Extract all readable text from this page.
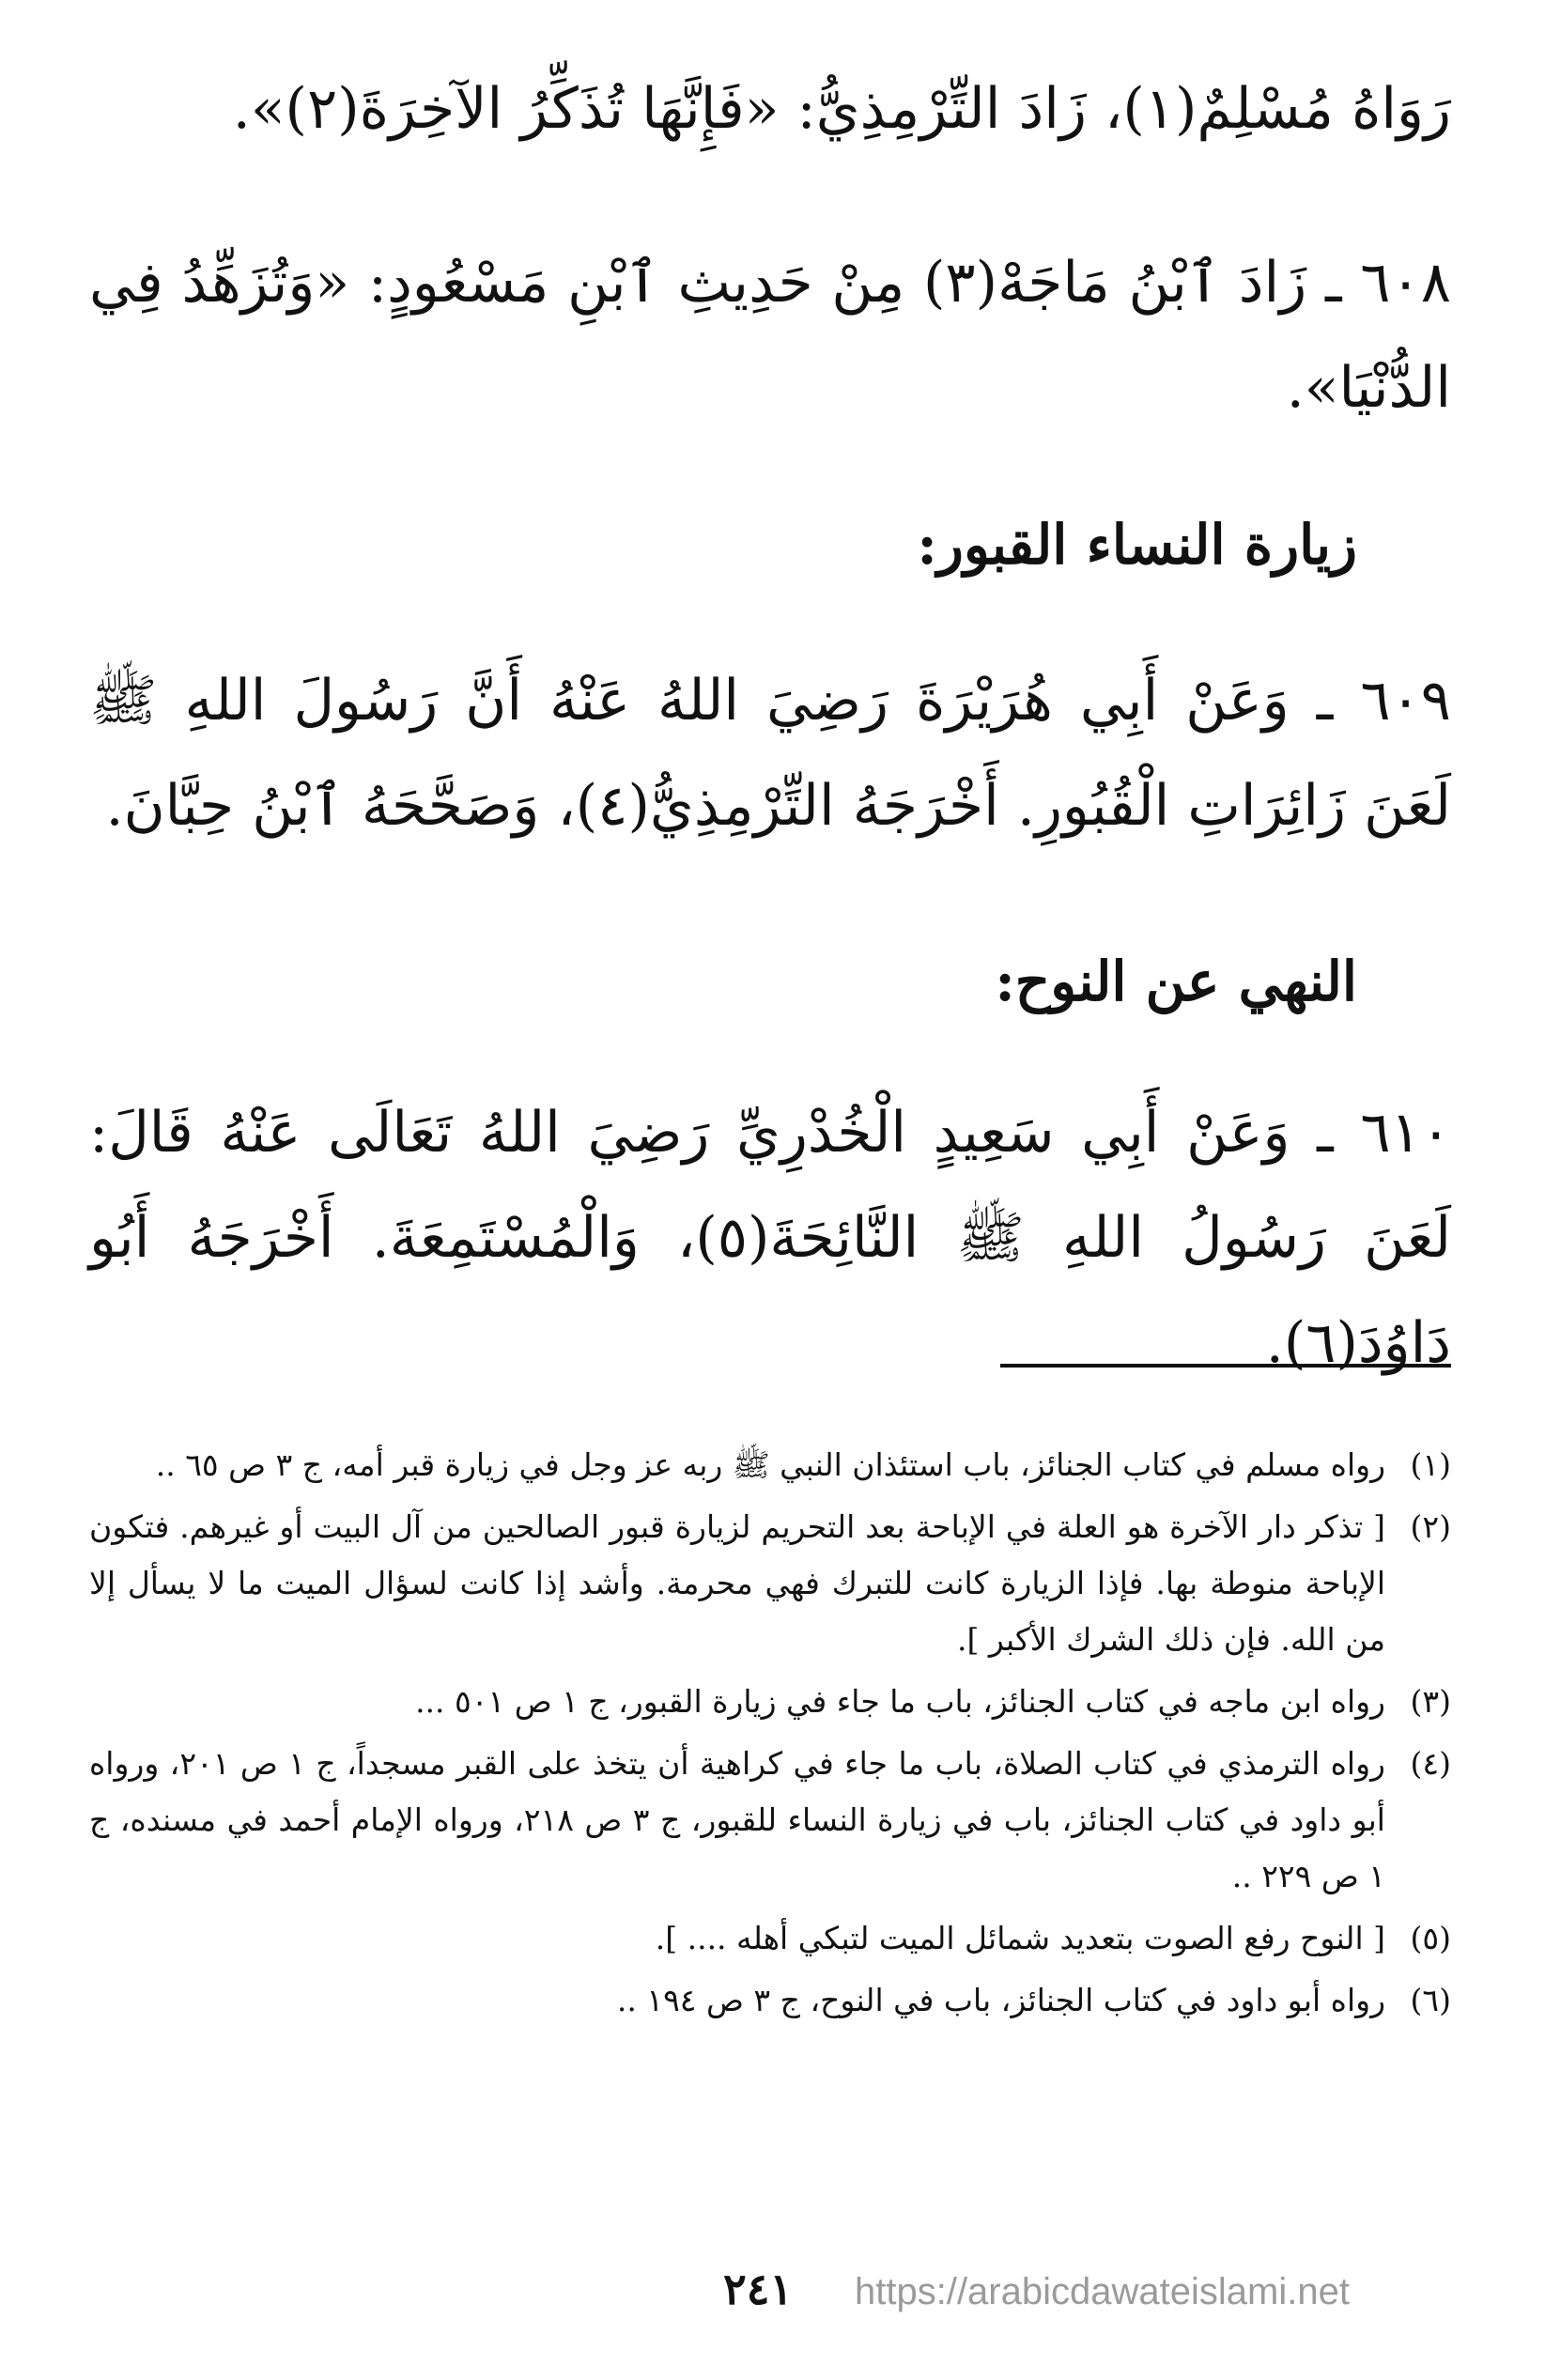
رَوَاهُ مُسْلِمٌ(١)، زَادَ التِّرْمِذِيُّ: «فَإِنَّهَا تُذَكِّرُ الآخِرَةَ(٢)».

٦٠٨ ـ زَادَ ٱبْنُ مَاجَهْ(٣) مِنْ حَدِيثِ ٱبْنِ مَسْعُودٍ: «وَتُزَهِّدُ فِي الدُّنْيَا».

زيارة النساء القبور:

٦٠٩ ـ وَعَنْ أَبِي هُرَيْرَةَ رَضِيَ اللهُ عَنْهُ أَنَّ رَسُولَ اللهِ ﷺ لَعَنَ زَائِرَاتِ الْقُبُورِ. أَخْرَجَهُ التِّرْمِذِيُّ(٤)، وَصَحَّحَهُ ٱبْنُ حِبَّانَ.

النهي عن النوح:

٦١٠ ـ وَعَنْ أَبِي سَعِيدٍ الْخُدْرِيِّ رَضِيَ اللهُ تَعَالَى عَنْهُ قَالَ: لَعَنَ رَسُولُ اللهِ ﷺ النَّائِحَةَ(٥)، وَالْمُسْتَمِعَةَ. أَخْرَجَهُ أَبُو دَاوُدَ(٦).

(١)
رواه مسلم في كتاب الجنائز، باب استئذان النبي ﷺ ربه عز وجل في زيارة قبر أمه، ج ٣ ص ٦٥ ..
(٢)
[ تذكر دار الآخرة هو العلة في الإباحة بعد التحريم لزيارة قبور الصالحين من آل البيت أو غيرهم. فتكون الإباحة منوطة بها. فإذا الزيارة كانت للتبرك فهي محرمة. وأشد إذا كانت لسؤال الميت ما لا يسأل إلا من الله. فإن ذلك الشرك الأكبر ].
(٣)
رواه ابن ماجه في كتاب الجنائز، باب ما جاء في زيارة القبور، ج ١ ص ٥٠١ ...
(٤)
رواه الترمذي في كتاب الصلاة، باب ما جاء في كراهية أن يتخذ على القبر مسجداً، ج ١ ص ٢٠١، ورواه أبو داود في كتاب الجنائز، باب في زيارة النساء للقبور، ج ٣ ص ٢١٨، ورواه الإمام أحمد في مسنده، ج ١ ص ٢٢٩ ..
(٥)
[ النوح رفع الصوت بتعديد شمائل الميت لتبكي أهله .... ].
(٦)
رواه أبو داود في كتاب الجنائز، باب في النوح، ج ٣ ص ١٩٤ ..
٢٤١ https://arabicdawateislami.net
